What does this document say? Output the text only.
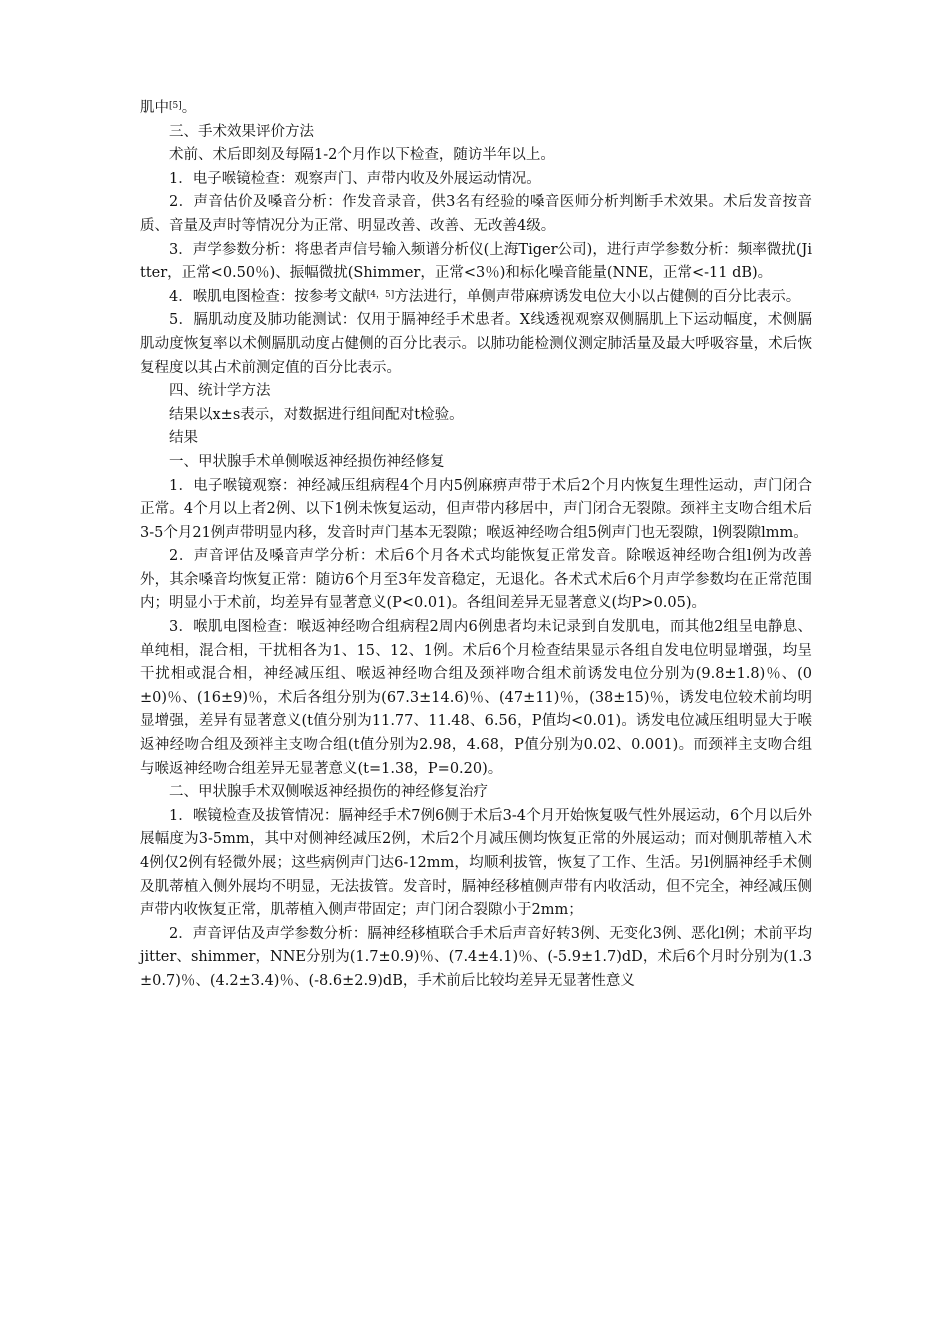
肌中[5]。

三、手术效果评价方法

术前、术后即刻及每隔1-2个月作以下检查，随访半年以上。

1．电子喉镜检查：观察声门、声带内收及外展运动情况。

2．声音估价及嗓音分析：作发音录音，供3名有经验的嗓音医师分析判断手术效果。术后发音按音质、音量及声时等情况分为正常、明显改善、改善、无改善4级。

3．声学参数分析：将患者声信号输入频谱分析仪(上海Tiger公司)，进行声学参数分析：频率微扰(Jitter，正常<0.50％)、振幅微扰(Shimmer，正常<3％)和标化噪音能量(NNE，正常<-11 dB)。

4．喉肌电图检查：按参考文献[4，5]方法进行，单侧声带麻痹诱发电位大小以占健侧的百分比表示。

5．膈肌动度及肺功能测试：仅用于膈神经手术患者。X线透视观察双侧膈肌上下运动幅度，术侧膈肌动度恢复率以术侧膈肌动度占健侧的百分比表示。以肺功能检测仪测定肺活量及最大呼吸容量，术后恢复程度以其占术前测定值的百分比表示。

四、统计学方法

结果以x±s表示，对数据进行组间配对t检验。

结果

一、甲状腺手术单侧喉返神经损伤神经修复

1．电子喉镜观察：神经减压组病程4个月内5例麻痹声带于术后2个月内恢复生理性运动，声门闭合正常。4个月以上者2例、以下1例未恢复运动，但声带内移居中，声门闭合无裂隙。颈袢主支吻合组术后3-5个月21例声带明显内移，发音时声门基本无裂隙；喉返神经吻合组5例声门也无裂隙，l例裂隙lmm。

2．声音评估及嗓音声学分析：术后6个月各术式均能恢复正常发音。除喉返神经吻合组l例为改善外，其余嗓音均恢复正常：随访6个月至3年发音稳定，无退化。各术式术后6个月声学参数均在正常范围内；明显小于术前，均差异有显著意义(P<0.01)。各组间差异无显著意义(均P>0.05)。

3．喉肌电图检查：喉返神经吻合组病程2周内6例患者均未记录到自发肌电，而其他2组呈电静息、单纯相，混合相，干扰相各为1、15、12、1例。术后6个月检查结果显示各组自发电位明显增强，均呈干扰相或混合相，神经减压组、喉返神经吻合组及颈袢吻合组术前诱发电位分别为(9.8±1.8)％、(0±0)％、(16±9)％，术后各组分别为(67.3±14.6)％、(47±11)％，(38±15)％，诱发电位较术前均明显增强，差异有显著意义(t值分别为11.77、11.48、6.56，P值均<0.01)。诱发电位减压组明显大于喉返神经吻合组及颈袢主支吻合组(t值分别为2.98，4.68，P值分别为0.02、0.001)。而颈袢主支吻合组与喉返神经吻合组差异无显著意义(t=1.38，P=0.20)。

二、甲状腺手术双侧喉返神经损伤的神经修复治疗

1．喉镜检查及拔管情况：膈神经手术7例6侧于术后3-4个月开始恢复吸气性外展运动，6个月以后外展幅度为3-5mm，其中对侧神经减压2例，术后2个月减压侧均恢复正常的外展运动；而对侧肌蒂植入术4例仅2例有轻微外展；这些病例声门达6-12mm，均顺利拔管，恢复了工作、生活。另l例膈神经手术侧及肌蒂植入侧外展均不明显，无法拔管。发音时，膈神经移植侧声带有内收活动，但不完全，神经减压侧声带内收恢复正常，肌蒂植入侧声带固定；声门闭合裂隙小于2mm；

2．声音评估及声学参数分析：膈神经移植联合手术后声音好转3例、无变化3例、恶化l例；术前平均jitter、shimmer，NNE分别为(1.7±0.9)％、(7.4±4.1)％、(-5.9±1.7)dD，术后6个月时分别为(1.3±0.7)％、(4.2±3.4)％、(-8.6±2.9)dB，手术前后比较均差异无显著性意义
